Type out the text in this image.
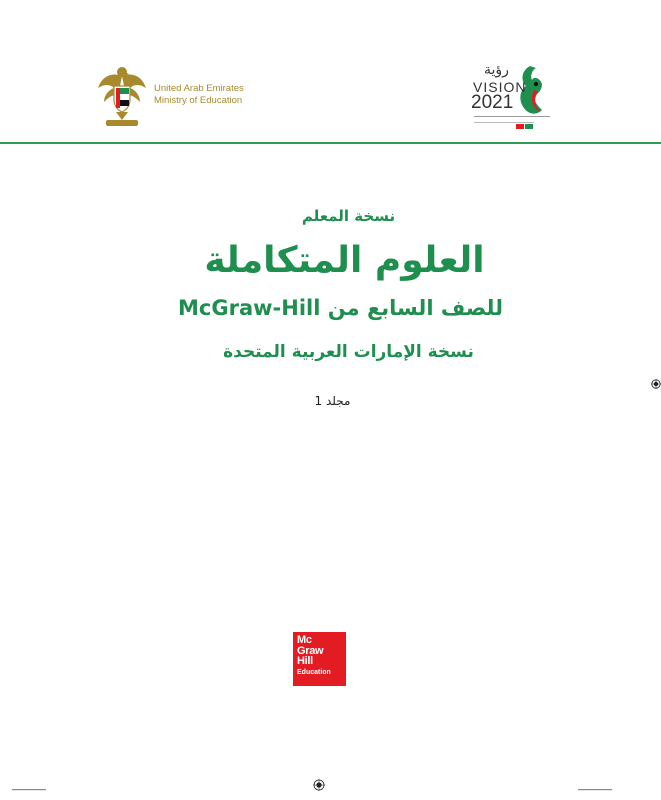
United Arab Emirates
Ministry of Education
رؤية
VISION
2021
نسخة المعلم
العلوم المتكاملة
للصف السابع من McGraw-Hill
نسخة الإمارات العربية المتحدة
مجلد 1
Mc
Graw
Hill
Education
